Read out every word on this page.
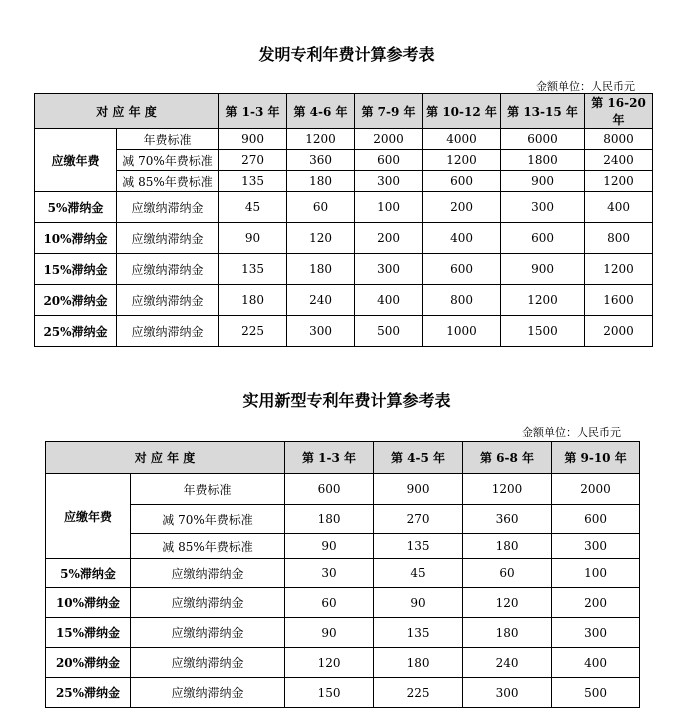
发明专利年费计算参考表
金额单位：人民币元
对 应 年 度		第 1-3 年	第 4-6 年	第 7-9 年	第 10-12 年	第 13-15 年	第 16-20 年
应缴年费	年费标准	900	1200	2000	4000	6000	8000
	减 70%年费标准	270	360	600	1200	1800	2400
	减 85%年费标准	135	180	300	600	900	1200
5%滞纳金	应缴纳滞纳金	45	60	100	200	300	400
10%滞纳金	应缴纳滞纳金	90	120	200	400	600	800
15%滞纳金	应缴纳滞纳金	135	180	300	600	900	1200
20%滞纳金	应缴纳滞纳金	180	240	400	800	1200	1600
25%滞纳金	应缴纳滞纳金	225	300	500	1000	1500	2000
实用新型专利年费计算参考表
金额单位：人民币元
对 应 年 度		第 1-3 年	第 4-5 年	第 6-8 年	第 9-10 年
应缴年费	年费标准	600	900	1200	2000
	减 70%年费标准	180	270	360	600
	减 85%年费标准	90	135	180	300
5%滞纳金	应缴纳滞纳金	30	45	60	100
10%滞纳金	应缴纳滞纳金	60	90	120	200
15%滞纳金	应缴纳滞纳金	90	135	180	300
20%滞纳金	应缴纳滞纳金	120	180	240	400
25%滞纳金	应缴纳滞纳金	150	225	300	500
